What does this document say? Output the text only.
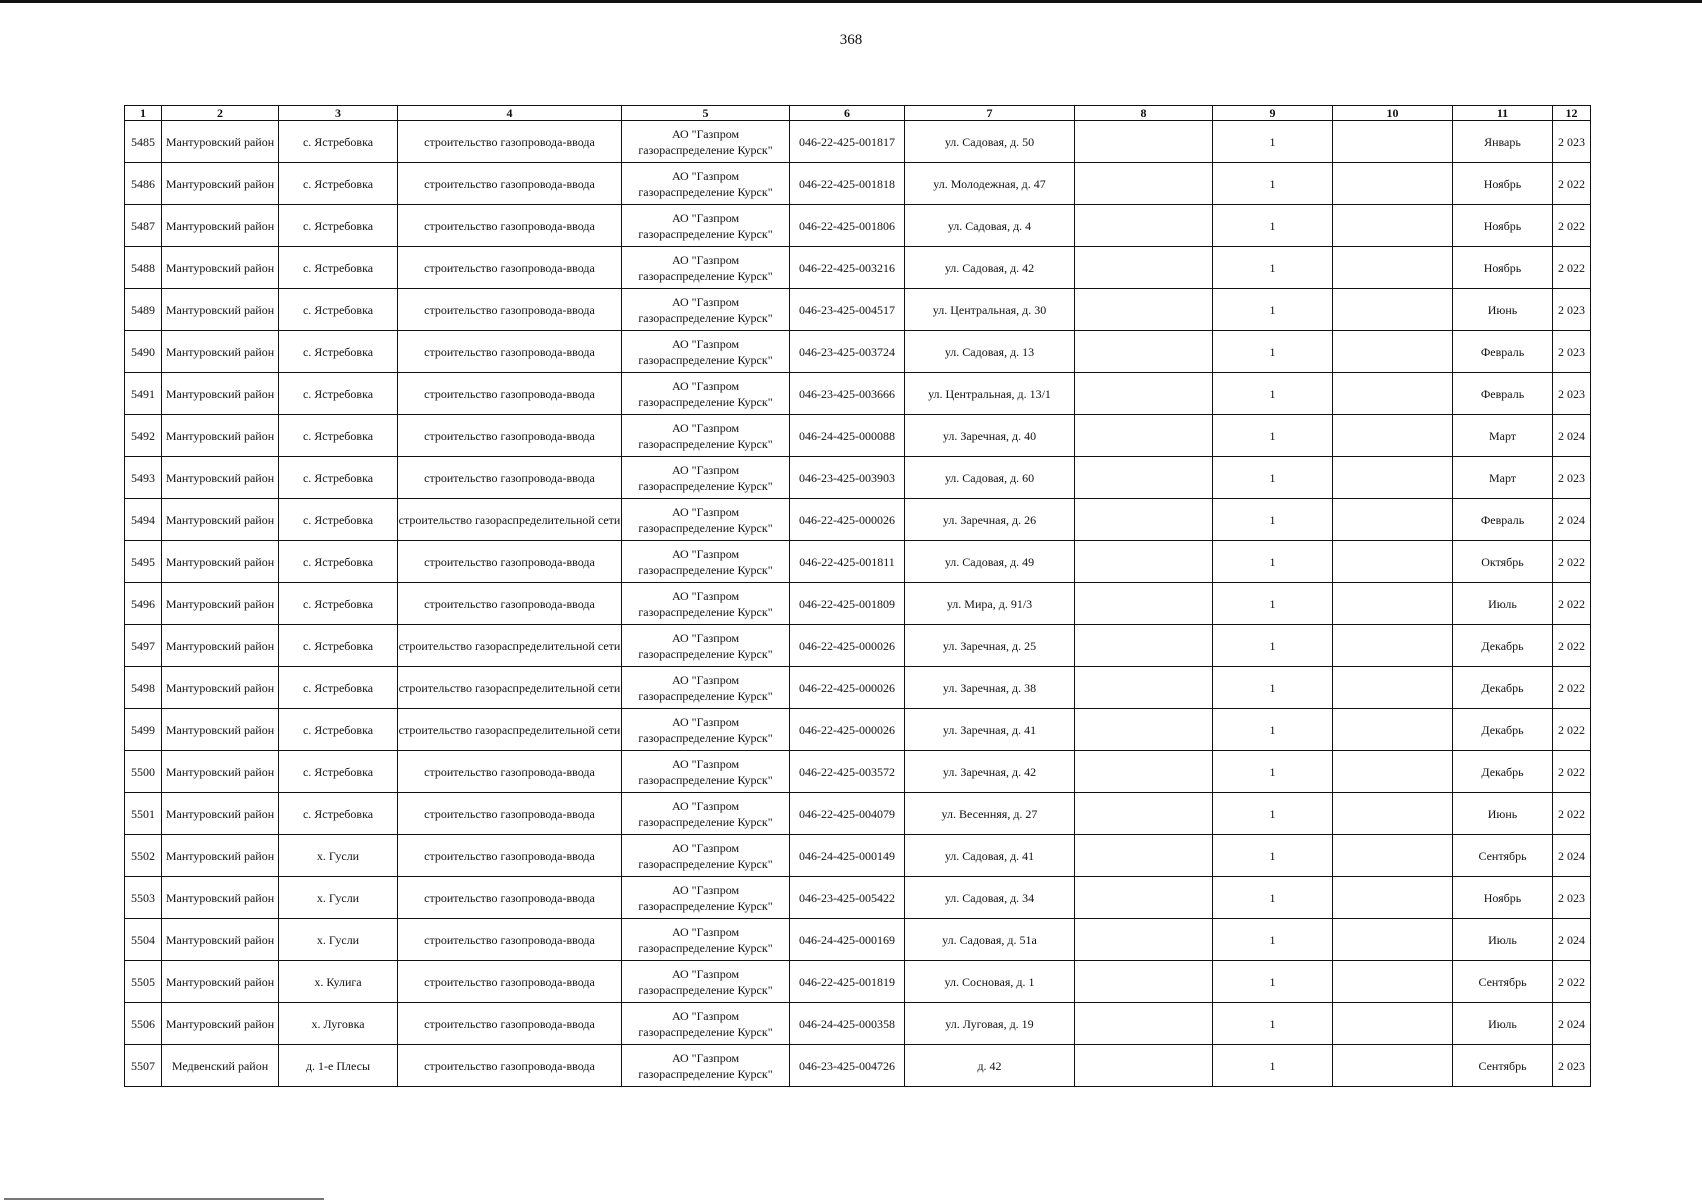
368
1	2	3	4	5	6	7	8	9	10	11	12
5485	Мантуровский район	с. Ястребовка	строительство газопровода-ввода	АО "Газпром газораспределение Курск"	046-22-425-001817	ул. Садовая, д. 50		1		Январь	2 023
5486	Мантуровский район	с. Ястребовка	строительство газопровода-ввода	АО "Газпром газораспределение Курск"	046-22-425-001818	ул. Молодежная, д. 47		1		Ноябрь	2 022
5487	Мантуровский район	с. Ястребовка	строительство газопровода-ввода	АО "Газпром газораспределение Курск"	046-22-425-001806	ул. Садовая, д. 4		1		Ноябрь	2 022
5488	Мантуровский район	с. Ястребовка	строительство газопровода-ввода	АО "Газпром газораспределение Курск"	046-22-425-003216	ул. Садовая, д. 42		1		Ноябрь	2 022
5489	Мантуровский район	с. Ястребовка	строительство газопровода-ввода	АО "Газпром газораспределение Курск"	046-23-425-004517	ул. Центральная, д. 30		1		Июнь	2 023
5490	Мантуровский район	с. Ястребовка	строительство газопровода-ввода	АО "Газпром газораспределение Курск"	046-23-425-003724	ул. Садовая, д. 13		1		Февраль	2 023
5491	Мантуровский район	с. Ястребовка	строительство газопровода-ввода	АО "Газпром газораспределение Курск"	046-23-425-003666	ул. Центральная, д. 13/1		1		Февраль	2 023
5492	Мантуровский район	с. Ястребовка	строительство газопровода-ввода	АО "Газпром газораспределение Курск"	046-24-425-000088	ул. Заречная, д. 40		1		Март	2 024
5493	Мантуровский район	с. Ястребовка	строительство газопровода-ввода	АО "Газпром газораспределение Курск"	046-23-425-003903	ул. Садовая, д. 60		1		Март	2 023
5494	Мантуровский район	с. Ястребовка	строительство газораспределительной сети	АО "Газпром газораспределение Курск"	046-22-425-000026	ул. Заречная, д. 26		1		Февраль	2 024
5495	Мантуровский район	с. Ястребовка	строительство газопровода-ввода	АО "Газпром газораспределение Курск"	046-22-425-001811	ул. Садовая, д. 49		1		Октябрь	2 022
5496	Мантуровский район	с. Ястребовка	строительство газопровода-ввода	АО "Газпром газораспределение Курск"	046-22-425-001809	ул. Мира, д. 91/3		1		Июль	2 022
5497	Мантуровский район	с. Ястребовка	строительство газораспределительной сети	АО "Газпром газораспределение Курск"	046-22-425-000026	ул. Заречная, д. 25		1		Декабрь	2 022
5498	Мантуровский район	с. Ястребовка	строительство газораспределительной сети	АО "Газпром газораспределение Курск"	046-22-425-000026	ул. Заречная, д. 38		1		Декабрь	2 022
5499	Мантуровский район	с. Ястребовка	строительство газораспределительной сети	АО "Газпром газораспределение Курск"	046-22-425-000026	ул. Заречная, д. 41		1		Декабрь	2 022
5500	Мантуровский район	с. Ястребовка	строительство газопровода-ввода	АО "Газпром газораспределение Курск"	046-22-425-003572	ул. Заречная, д. 42		1		Декабрь	2 022
5501	Мантуровский район	с. Ястребовка	строительство газопровода-ввода	АО "Газпром газораспределение Курск"	046-22-425-004079	ул. Весенняя, д. 27		1		Июнь	2 022
5502	Мантуровский район	х. Гусли	строительство газопровода-ввода	АО "Газпром газораспределение Курск"	046-24-425-000149	ул. Садовая, д. 41		1		Сентябрь	2 024
5503	Мантуровский район	х. Гусли	строительство газопровода-ввода	АО "Газпром газораспределение Курск"	046-23-425-005422	ул. Садовая, д. 34		1		Ноябрь	2 023
5504	Мантуровский район	х. Гусли	строительство газопровода-ввода	АО "Газпром газораспределение Курск"	046-24-425-000169	ул. Садовая, д. 51а		1		Июль	2 024
5505	Мантуровский район	х. Кулига	строительство газопровода-ввода	АО "Газпром газораспределение Курск"	046-22-425-001819	ул. Сосновая, д. 1		1		Сентябрь	2 022
5506	Мантуровский район	х. Луговка	строительство газопровода-ввода	АО "Газпром газораспределение Курск"	046-24-425-000358	ул. Луговая, д. 19		1		Июль	2 024
5507	Медвенский район	д. 1-е Плесы	строительство газопровода-ввода	АО "Газпром газораспределение Курск"	046-23-425-004726	д. 42		1		Сентябрь	2 023
